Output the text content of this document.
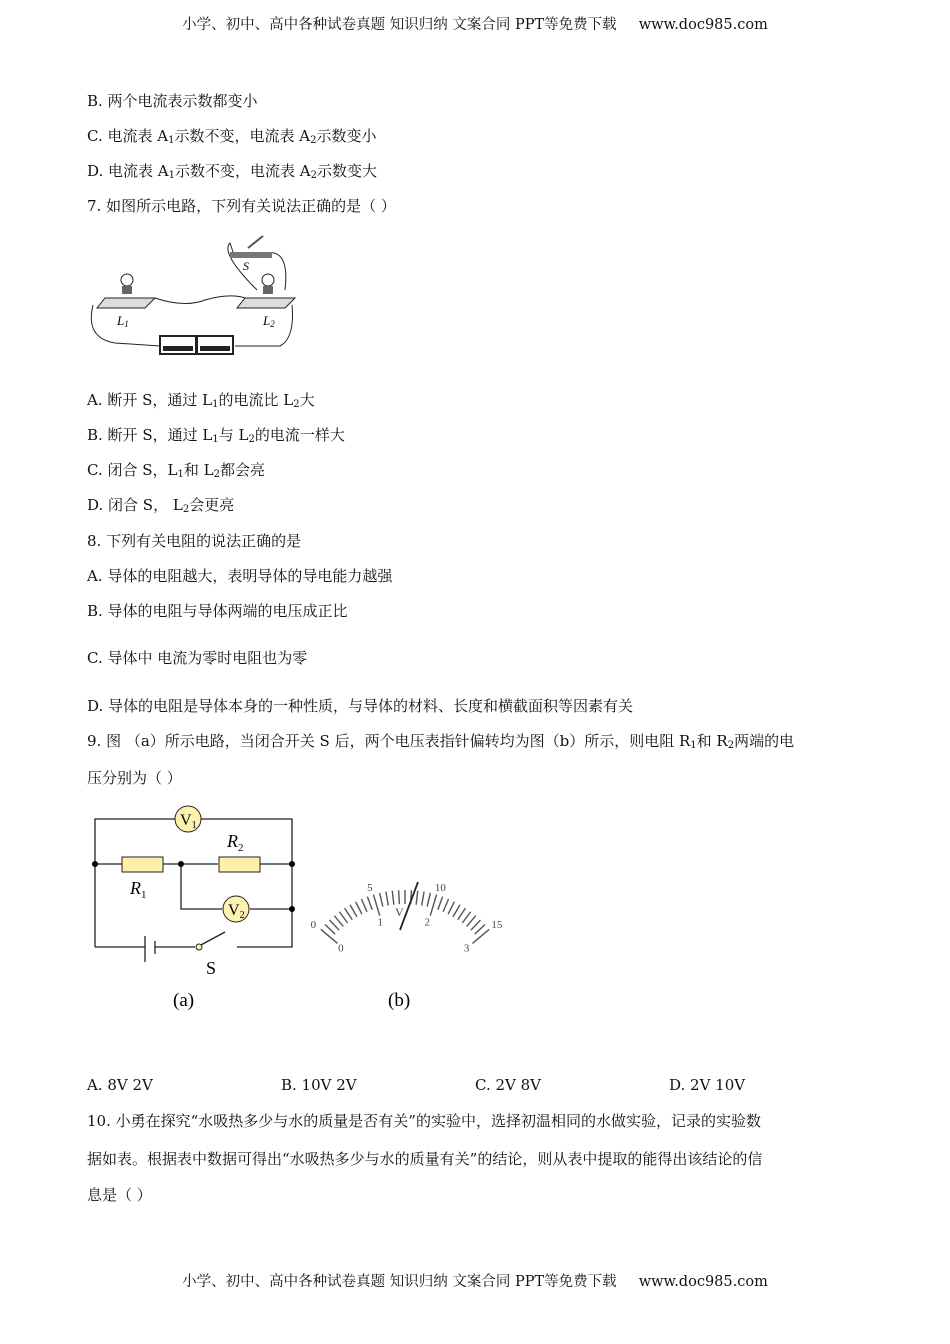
小学、初中、高中各种试卷真题 知识归纳 文案合同 PPT等免费下载 www.doc985.com
B. 两个电流表示数都变小
C. 电流表 $A_1$示数不变，电流表 $A_2$示数变小
D. 电流表 $A_1$示数不变，电流表 $A_2$示数变大
7. 如图所示电路，下列有关说法正确的是（ ）
A. 断开 S，通过 $L_1$的电流比 $L_2$大
B. 断开 S，通过 $L_1$与 $L_2$的电流一样大
C. 闭合 S，$L_1$和 $L_2$都会亮
D. 闭合 S， $L_2$会更亮
8. 下列有关电阻的说法正确的是
A. 导体的电阻越大，表明导体的导电能力越强
B. 导体的电阻与导体两端的电压成正比
C. 导体中 电流为零时电阻也为零
D. 导体的电阻是导体本身的一种性质，与导体的材料、长度和横截面积等因素有关
9. 图 （a）所示电路，当闭合开关 S 后，两个电压表指针偏转均为图（b）所示，则电阻 $R_1$和 $R_2$两端的电
压分别为（ ）
10. 小勇在探究“水吸热多少与水的质量是否有关”的实验中，选择初温相同的水做实验，记录的实验数
据如表。根据表中数据可得出“水吸热多少与水的质量有关”的结论，则从表中提取的能得出该结论的信
息是（ ）
S
L1	L2
V1
V2
$R_2$
$R_1$
S
(a)	(b)
0
5	10
15
0
1	2
3
V
A. 8V 2V	B. 10V 2V	C. 2V 8V	D. 2V 10V
小学、初中、高中各种试卷真题 知识归纳 文案合同 PPT等免费下载 www.doc985.com
